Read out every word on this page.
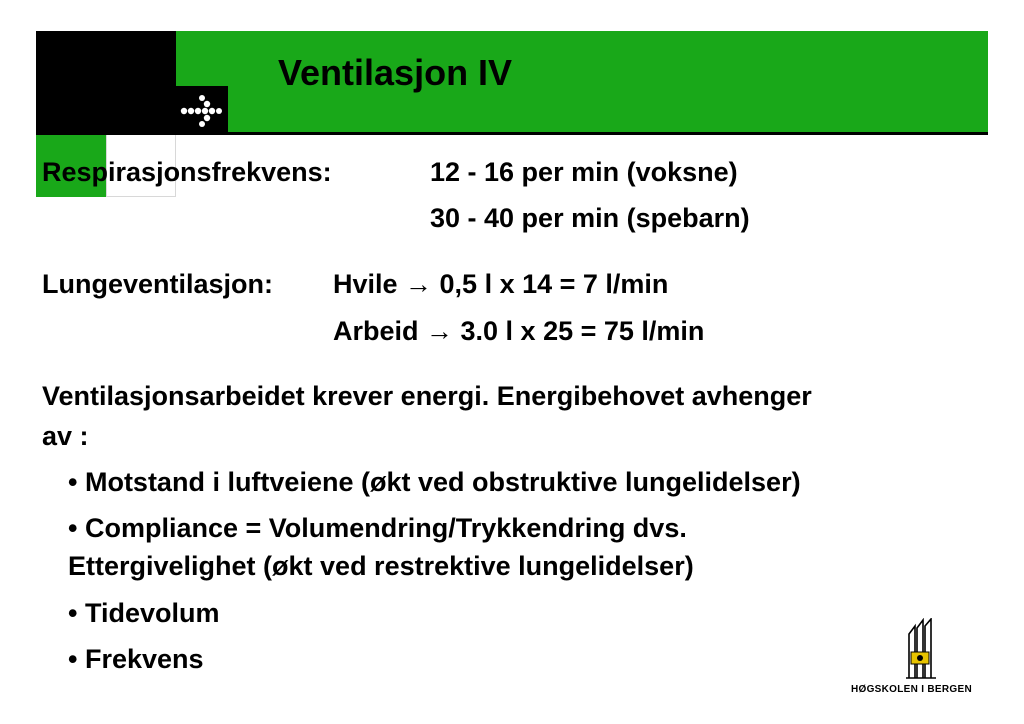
Ventilasjon IV
Respirasjonsfrekvens:	12 - 16 per min (voksne)
30 - 40 per min (spebarn)
Lungeventilasjon: Hvile → 0,5 l x 14 = 7 l/min
Arbeid → 3.0 l x 25 = 75 l/min
Ventilasjonsarbeidet krever energi. Energibehovet avhenger
av :
• Motstand i luftveiene (økt ved obstruktive lungelidelser)
• Compliance = Volumendring/Trykkendring dvs.
Ettergivelighet (økt ved restrektive lungelidelser)
• Tidevolum
• Frekvens
HØGSKOLEN I BERGEN
